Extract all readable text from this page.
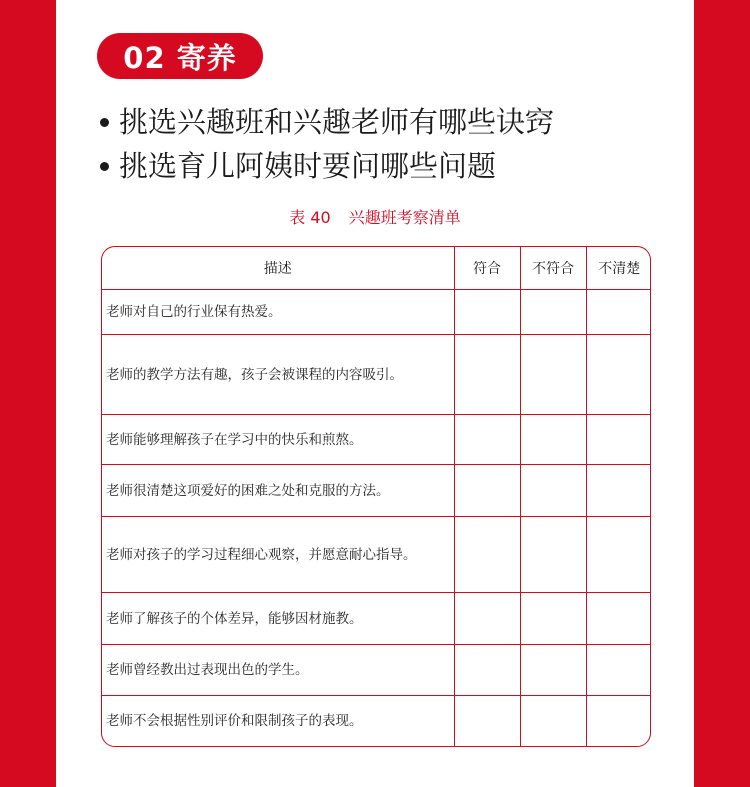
02 寄养
挑选兴趣班和兴趣老师有哪些诀窍
挑选育儿阿姨时要问哪些问题
表 40 兴趣班考察清单
描述	符合	不符合	不清楚
老师对自己的行业保有热爱。			
老师的教学方法有趣，孩子会被课程的内容吸引。			
老师能够理解孩子在学习中的快乐和煎熬。			
老师很清楚这项爱好的困难之处和克服的方法。			
老师对孩子的学习过程细心观察，并愿意耐心指导。			
老师了解孩子的个体差异，能够因材施教。			
老师曾经教出过表现出色的学生。			
老师不会根据性别评价和限制孩子的表现。			
